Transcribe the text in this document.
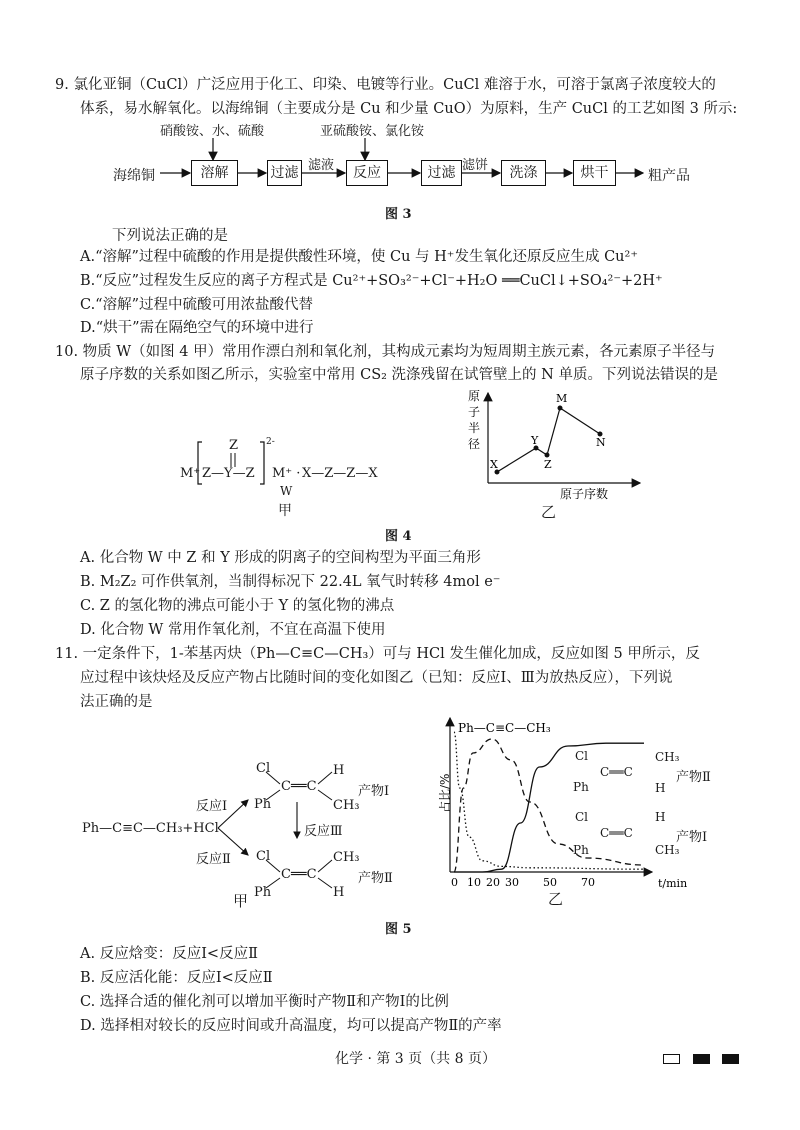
9. 氯化亚铜（CuCl）广泛应用于化工、印染、电镀等行业。CuCl 难溶于水，可溶于氯离子浓度较大的
体系，易水解氧化。以海绵铜（主要成分是 Cu 和少量 CuO）为原料，生产 CuCl 的工艺如图 3 所示:
硝酸铵、水、硫酸	亚硫酸铵、氯化铵
海绵铜	溶解	过滤 滤液	反应	过滤 滤饼	洗涤	烘干	粗产品
图 3
下列说法正确的是
A.“溶解”过程中硫酸的作用是提供酸性环境，使 Cu 与 H⁺发生氧化还原反应生成 Cu²⁺
B.“反应”过程发生反应的离子方程式是 Cu²⁺+SO₃²⁻+Cl⁻+H₂O ══CuCl↓+SO₄²⁻+2H⁺
C.“溶解”过程中硫酸可用浓盐酸代替
D.“烘干”需在隔绝空气的环境中进行
10. 物质 W（如图 4 甲）常用作漂白剂和氧化剂，其构成元素均为短周期主族元素，各元素原子半径与
原子序数的关系如图乙所示，实验室中常用 CS₂ 洗涤残留在试管壁上的 N 单质。下列说法错误的是
Z
M⁺ Z—Y—Z
2-
M⁺ · X—Z—Z—X
W
甲
X
Y
Z
M
N
原
子
半
径
原子序数
乙
图 4
A. 化合物 W 中 Z 和 Y 形成的阴离子的空间构型为平面三角形
B. M₂Z₂ 可作供氧剂，当制得标况下 22.4L 氧气时转移 4mol e⁻
C. Z 的氢化物的沸点可能小于 Y 的氢化物的沸点
D. 化合物 W 常用作氧化剂，不宜在高温下使用
11. 一定条件下，1-苯基丙炔（Ph—C≡C—CH₃）可与 HCl 发生催化加成，反应如图 5 甲所示，反
应过程中该炔烃及反应产物占比随时间的变化如图乙（已知：反应Ⅰ、Ⅲ为放热反应），下列说
法正确的是
Ph—C≡C—CH₃+HCl
反应Ⅰ
反应Ⅱ
反应Ⅲ
Cl
Ph
C══C
H
CH₃
产物Ⅰ
Cl
Ph
C══C
CH₃
H
产物Ⅱ
甲
占比/%
Ph—C≡C—CH₃
t/min
0 10 20 30 50 70
Cl
Ph
C══C
CH₃
H
产物Ⅱ
Cl
Ph
C══C
H
CH₃
产物Ⅰ
乙
图 5
A. 反应焓变：反应Ⅰ<反应Ⅱ
B. 反应活化能：反应Ⅰ<反应Ⅱ
C. 选择合适的催化剂可以增加平衡时产物Ⅱ和产物Ⅰ的比例
D. 选择相对较长的反应时间或升高温度，均可以提高产物Ⅱ的产率
化学 · 第 3 页（共 8 页）
